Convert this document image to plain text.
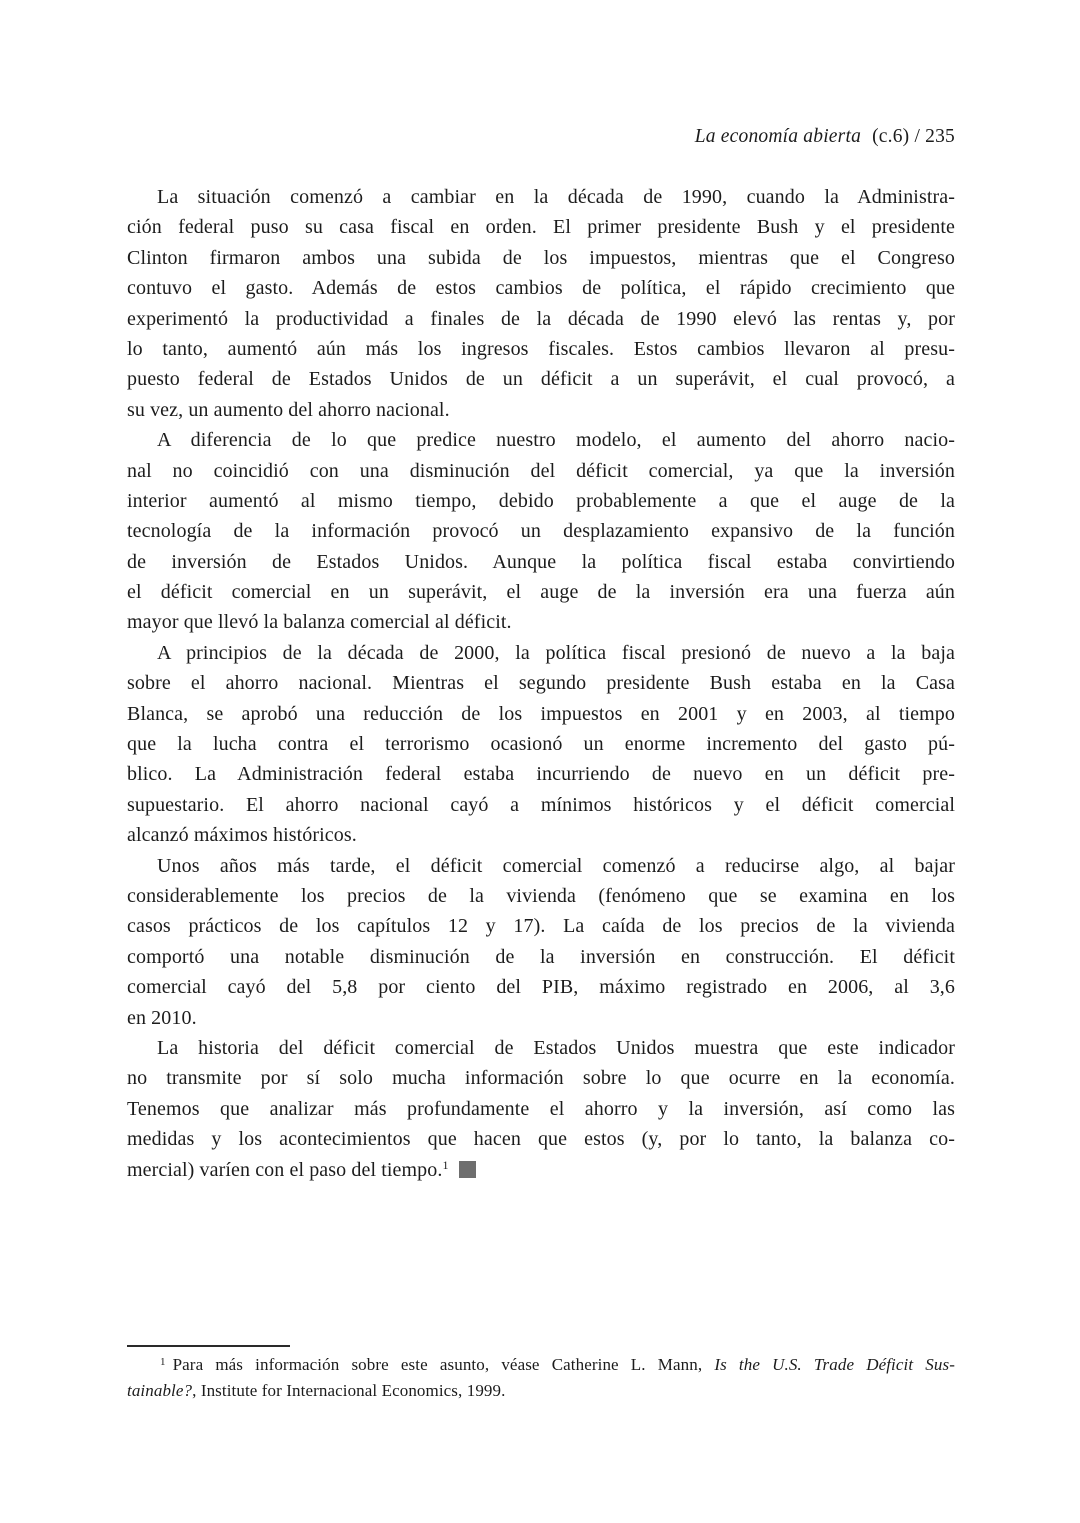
La economía abierta (c.6) / 235
La situación comenzó a cambiar en la década de 1990, cuando la Administra-
ción federal puso su casa fiscal en orden. El primer presidente Bush y el presidente
Clinton firmaron ambos una subida de los impuestos, mientras que el Congreso
contuvo el gasto. Además de estos cambios de política, el rápido crecimiento que
experimentó la productividad a finales de la década de 1990 elevó las rentas y, por
lo tanto, aumentó aún más los ingresos fiscales. Estos cambios llevaron al presu-
puesto federal de Estados Unidos de un déficit a un superávit, el cual provocó, a
su vez, un aumento del ahorro nacional.
A diferencia de lo que predice nuestro modelo, el aumento del ahorro nacio-
nal no coincidió con una disminución del déficit comercial, ya que la inversión
interior aumentó al mismo tiempo, debido probablemente a que el auge de la
tecnología de la información provocó un desplazamiento expansivo de la función
de inversión de Estados Unidos. Aunque la política fiscal estaba convirtiendo
el déficit comercial en un superávit, el auge de la inversión era una fuerza aún
mayor que llevó la balanza comercial al déficit.
A principios de la década de 2000, la política fiscal presionó de nuevo a la baja
sobre el ahorro nacional. Mientras el segundo presidente Bush estaba en la Casa
Blanca, se aprobó una reducción de los impuestos en 2001 y en 2003, al tiempo
que la lucha contra el terrorismo ocasionó un enorme incremento del gasto pú-
blico. La Administración federal estaba incurriendo de nuevo en un déficit pre-
supuestario. El ahorro nacional cayó a mínimos históricos y el déficit comercial
alcanzó máximos históricos.
Unos años más tarde, el déficit comercial comenzó a reducirse algo, al bajar
considerablemente los precios de la vivienda (fenómeno que se examina en los
casos prácticos de los capítulos 12 y 17). La caída de los precios de la vivienda
comportó una notable disminución de la inversión en construcción. El déficit
comercial cayó del 5,8 por ciento del PIB, máximo registrado en 2006, al 3,6
en 2010.
La historia del déficit comercial de Estados Unidos muestra que este indicador
no transmite por sí solo mucha información sobre lo que ocurre en la economía.
Tenemos que analizar más profundamente el ahorro y la inversión, así como las
medidas y los acontecimientos que hacen que estos (y, por lo tanto, la balanza co-
mercial) varíen con el paso del tiempo.$^1$
$^1$ Para más información sobre este asunto, véase Catherine L. Mann, Is the U.S. Trade Déficit Sus-
tainable?, Institute for Internacional Economics, 1999.
